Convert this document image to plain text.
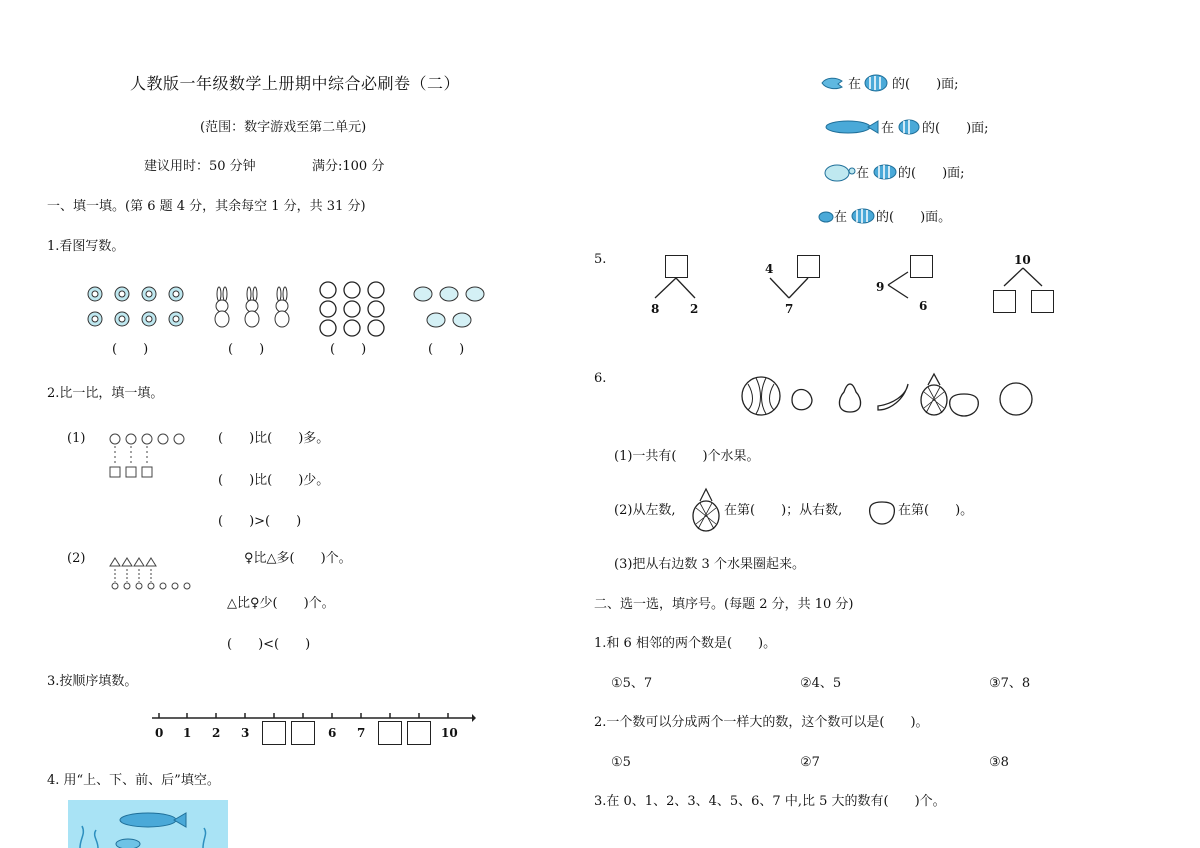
人教版一年级数学上册期中综合必刷卷（二）
(范围：数字游戏至第二单元)
建议用时：50 分钟	满分:100 分
一、填一填。(第 6 题 4 分，其余每空 1 分，共 31 分)
1.看图写数。
(　　)	(　　)	(　　)	(　　)
2.比一比，填一填。
(1)	(　　)比(　　)多。
(　　)比(　　)少。
(　　)>(　　)
(2)	♀比△多(　　)个。
△比♀少(　　)个。
(　　)<(　　)
3.按顺序填数。
0 1 2 3	6 7	10
4. 用“上、下、前、后”填空。
在 的(　　)面;
在 的(　　)面;
在 的(　　)面;
在 的(　　)面。
5.
8	2
4
7
9
6
10
6.
(1)一共有(　　)个水果。
(2)从左数,	在第(　　)；从右数,	在第(　　)。
(3)把从右边数 3 个水果圈起来。
二、选一选，填序号。(每题 2 分，共 10 分)
1.和 6 相邻的两个数是(　　)。
①5、7	②4、5	③7、8
2.一个数可以分成两个一样大的数，这个数可以是(　　)。
①5	②7	③8
3.在 0、1、2、3、4、5、6、7 中,比 5 大的数有(　　)个。
